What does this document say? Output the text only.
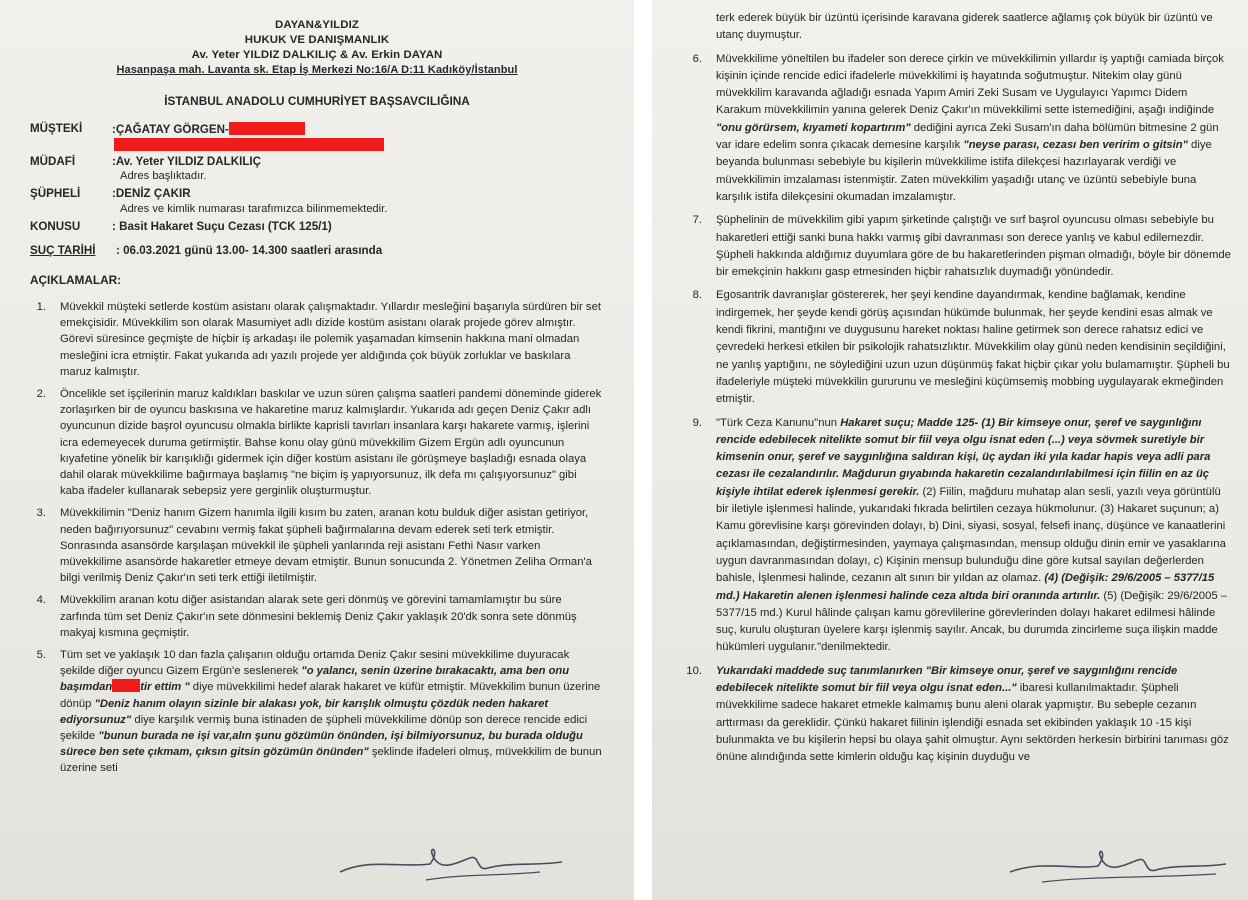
DAYAN&YILDIZ
HUKUK VE DANIŞMANLIK
Av. Yeter YILDIZ DALKILIÇ & Av. Erkin DAYAN
Hasanpaşa mah. Lavanta sk. Etap İş Merkezi No:16/A D:11 Kadıköy/İstanbul
İSTANBUL ANADOLU CUMHURİYET BAŞSAVCILIĞINA
MÜŞTEKİ	:ÇAĞATAY GÖRGEN-
MÜDAFİ	:Av. Yeter YILDIZ DALKILIÇ
Adres başlıktadır.
ŞÜPHELİ	:DENİZ ÇAKIR
Adres ve kimlik numarası tarafımızca bilinmemektedir.
KONUSU	: Basit Hakaret Suçu Cezası (TCK 125/1)
SUÇ TARİHİ	: 06.03.2021 günü 13.00- 14.300 saatleri arasında
AÇIKLAMALAR:
1.	Müvekkil müşteki setlerde kostüm asistanı olarak çalışmaktadır. Yıllardır mesleğini başarıyla sürdüren bir set emekçisidir. Müvekkilim son olarak Masumiyet adlı dizide kostüm asistanı olarak projede görev almıştır. Görevi süresince geçmişte de hiçbir iş arkadaşı ile polemik yaşamadan kimsenin hakkına mani olmadan mesleğini icra etmiştir. Fakat yukarıda adı yazılı projede yer aldığında çok büyük zorluklar ve baskılara maruz kalmıştır.
2.	Öncelikle set işçilerinin maruz kaldıkları baskılar ve uzun süren çalışma saatleri pandemi döneminde giderek zorlaşırken bir de oyuncu baskısına ve hakaretine maruz kalmışlardır. Yukarıda adı geçen Deniz Çakır adlı oyuncunun dizide başrol oyuncusu olmakla birlikte kaprisli tavırları insanlara karşı hakarete varmış, işlerini icra edemeyecek duruma getirmiştir. Bahse konu olay günü müvekkilim Gizem Ergün adlı oyuncunun kıyafetine yönelik bir karışıklığı gidermek için diğer kostüm asistanı ile görüşmeye başladığı esnada olaya dahil olarak müvekkilime bağırmaya başlamış "ne biçim iş yapıyorsunuz, ilk defa mı çalışıyorsunuz" gibi kaba ifadeler kullanarak sebepsiz yere gerginlik oluşturmuştur.
3.	Müvekkilimin "Deniz hanım Gizem hanımla ilgili kısım bu zaten, aranan kotu bulduk diğer asistan getiriyor, neden bağırıyorsunuz" cevabını vermiş fakat şüpheli bağırmalarına devam ederek seti terk etmiştir. Sonrasında asansörde karşılaşan müvekkil ile şüpheli yanlarında reji asistanı Fethi Nasır varken müvekkilime asansörde hakaretler etmeye devam etmiştir. Bunun sonucunda 2. Yönetmen Zeliha Orman'a bilgi verilmiş Deniz Çakır'ın seti terk ettiği iletilmiştir.
4.	Müvekkilim aranan kotu diğer asistandan alarak sete geri dönmüş ve görevini tamamlamıştır bu süre zarfında tüm set Deniz Çakır'ın sete dönmesini beklemiş Deniz Çakır yaklaşık 20'dk sonra sete dönmüş makyaj kısmına geçmiştir.
5.	Tüm set ve yaklaşık 10 dan fazla çalışanın olduğu ortamda Deniz Çakır sesini müvekkilime duyuracak şekilde diğer oyuncu Gizem Ergün'e seslenerek "o yalancı, senin üzerine bırakacaktı, ama ben onu başımdan	tir ettim " diye müvekkilimi hedef alarak hakaret ve küfür etmiştir. Müvekkilim bunun üzerine dönüp "Deniz hanım olayın sizinle bir alakası yok, bir karışlık olmuştu çözdük neden hakaret ediyorsunuz" diye karşılık vermiş buna istinaden de şüpheli müvekkilime dönüp son derece rencide edici şekilde "bunun burada ne işi var,alın şunu gözümün önünden, işi bilmiyorsunuz, bu burada olduğu sürece ben sete çıkmam, çıksın gitsin gözümün önünden" şeklinde ifadeleri olmuş, müvekkilim de bunun üzerine seti
terk ederek büyük bir üzüntü içerisinde karavana giderek saatlerce ağlamış çok büyük bir üzüntü ve utanç duymuştur.
6.	Müvekkilime yöneltilen bu ifadeler son derece çirkin ve müvekkilimin yıllardır iş yaptığı camiada birçok kişinin içinde rencide edici ifadelerle müvekkilimi iş hayatında soğutmuştur. Nitekim olay günü müvekkilim karavanda ağladığı esnada Yapım Amiri Zeki Susam ve Uygulayıcı Yapımcı Didem Karakum müvekkilimin yanına gelerek Deniz Çakır'ın müvekkilimi sette istemediğini, aşağı indiğinde "onu görürsem, kıyameti kopartırım" dediğini ayrıca Zeki Susam'ın daha bölümün bitmesine 2 gün var idare edelim sonra çıkacak demesine karşılık "neyse parası, cezası ben veririm o gitsin" diye beyanda bulunması sebebiyle bu kişilerin müvekkilime istifa dilekçesi hazırlayarak verdiği ve müvekkilimin imzalaması istenmiştir. Zaten müvekkilim yaşadığı utanç ve üzüntü sebebiyle buna karşılık istifa dilekçesini okumadan imzalamıştır.
7.	Şüphelinin de müvekkilim gibi yapım şirketinde çalıştığı ve sırf başrol oyuncusu olması sebebiyle bu hakaretleri ettiği sanki buna hakkı varmış gibi davranması son derece yanlış ve kabul edilemezdir. Şüpheli hakkında aldığımız duyumlara göre de bu hakaretlerinden pişman olmadığı, böyle bir dönemde bir emekçinin hakkını gasp etmesinden hiçbir rahatsızlık duymadığı yönündedir.
8.	Egosantrik davranışlar göstererek, her şeyi kendine dayandırmak, kendine bağlamak, kendine indirgemek, her şeyde kendi görüş açısından hükümde bulunmak, her şeyde kendini esas almak ve kendi fikrini, mantığını ve duygusunu hareket noktası haline getirmek son derece rahatsız edici ve çevredeki herkesi etkilen bir psikolojik rahatsızlıktır. Müvekkilim olay günü neden kendisinin seçildiğini, ne yanlış yaptığını, ne söylediğini uzun uzun düşünmüş fakat hiçbir çıkar yolu bulamamıştır. Şüpheli bu ifadeleriyle müşteki müvekkilin gururunu ve mesleğini küçümsemiş mobbing uygulayarak ekmeğinden etmiştir.
9.	"Türk Ceza Kanunu"nun Hakaret suçu; Madde 125- (1) Bir kimseye onur, şeref ve saygınlığını rencide edebilecek nitelikte somut bir fiil veya olgu isnat eden (...) veya sövmek suretiyle bir kimsenin onur, şeref ve saygınlığına saldıran kişi, üç aydan iki yıla kadar hapis veya adli para cezası ile cezalandırılır. Mağdurun gıyabında hakaretin cezalandırılabilmesi için fiilin en az üç kişiyle ihtilat ederek işlenmesi gerekir. (2) Fiilin, mağduru muhatap alan sesli, yazılı veya görüntülü bir iletiyle işlenmesi halinde, yukarıdaki fıkrada belirtilen cezaya hükmolunur. (3) Hakaret suçunun; a) Kamu görevlisine karşı görevinden dolayı, b) Dini, siyasi, sosyal, felsefi inanç, düşünce ve kanaatlerini açıklamasından, değiştirmesinden, yaymaya çalışmasından, mensup olduğu dinin emir ve yasaklarına uygun davranmasından dolayı, c) Kişinin mensup bulunduğu dine göre kutsal sayılan değerlerden bahisle, İşlenmesi halinde, cezanın alt sınırı bir yıldan az olamaz. (4) (Değişik: 29/6/2005 – 5377/15 md.) Hakaretin alenen işlenmesi halinde ceza altıda biri oranında artırılır. (5) (Değişik: 29/6/2005 – 5377/15 md.) Kurul hâlinde çalışan kamu görevlilerine görevlerinden dolayı hakaret edilmesi hâlinde suç, kurulu oluşturan üyelere karşı işlenmiş sayılır. Ancak, bu durumda zincirleme suça ilişkin madde hükümleri uygulanır."denilmektedir.
10.	Yukarıdaki maddede suç tanımlanırken "Bir kimseye onur, şeref ve saygınlığını rencide edebilecek nitelikte somut bir fiil veya olgu isnat eden..." ibaresi kullanılmaktadır. Şüpheli müvekkilime sadece hakaret etmekle kalmamış bunu aleni olarak yapmıştır. Bu sebeple cezanın arttırması da gereklidir. Çünkü hakaret fiilinin işlendiği esnada set ekibinden yaklaşık 10 -15 kişi bulunmakta ve bu kişilerin hepsi bu olaya şahit olmuştur. Aynı sektörden herkesin birbirini tanıması göz önüne alındığında sette kimlerin olduğu kaç kişinin duyduğu ve
